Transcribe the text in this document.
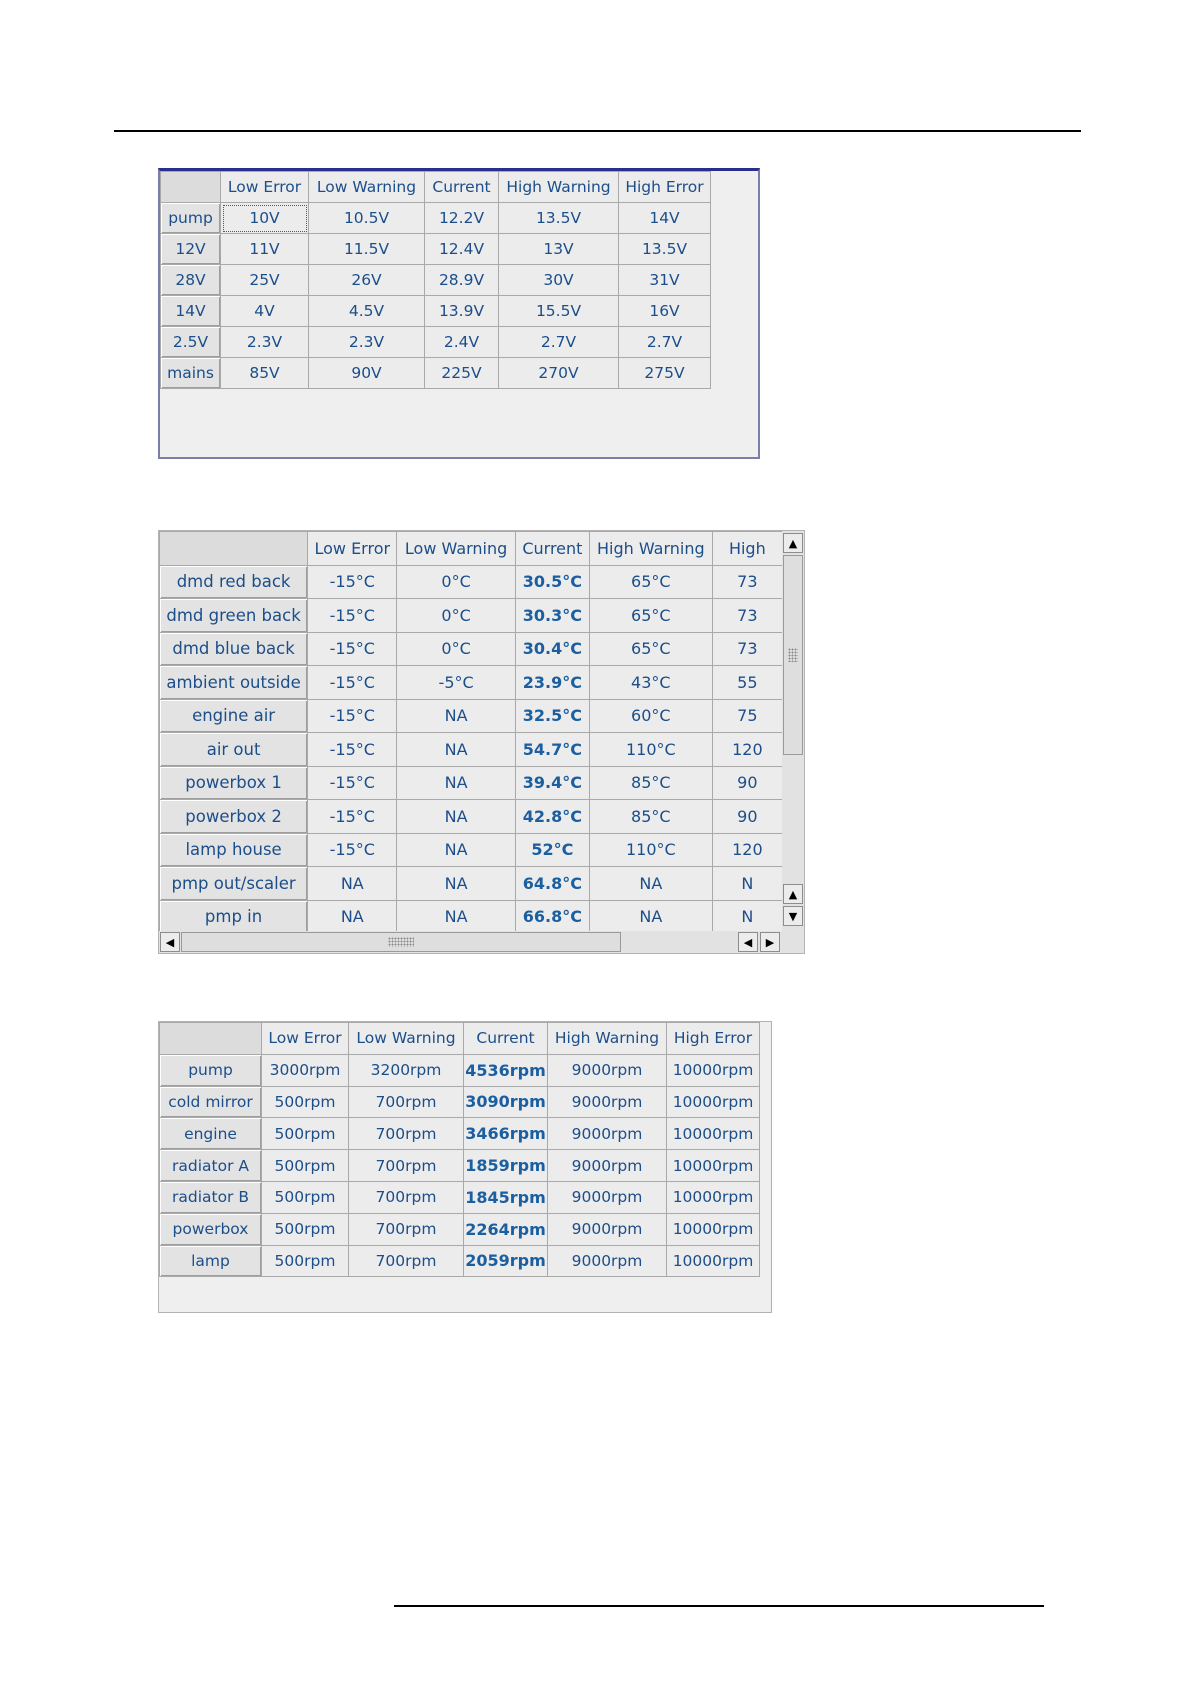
	Low Error	Low Warning	Current	High Warning	High Error
pump	10V	10.5V	12.2V	13.5V	14V
12V	11V	11.5V	12.4V	13V	13.5V
28V	25V	26V	28.9V	30V	31V
14V	4V	4.5V	13.9V	15.5V	16V
2.5V	2.3V	2.3V	2.4V	2.7V	2.7V
mains	85V	90V	225V	270V	275V
	Low Error	Low Warning	Current	High Warning	High
dmd red back	-15°C	0°C	30.5°C	65°C	73
dmd green back	-15°C	0°C	30.3°C	65°C	73
dmd blue back	-15°C	0°C	30.4°C	65°C	73
ambient outside	-15°C	-5°C	23.9°C	43°C	55
engine air	-15°C	NA	32.5°C	60°C	75
air out	-15°C	NA	54.7°C	110°C	120
powerbox 1	-15°C	NA	39.4°C	85°C	90
powerbox 2	-15°C	NA	42.8°C	85°C	90
lamp house	-15°C	NA	52°C	110°C	120
pmp out/scaler	NA	NA	64.8°C	NA	N
pmp in	NA	NA	66.8°C	NA	N
▲
▲
▼
◀	◀ ▶
	Low Error	Low Warning	Current	High Warning	High Error
pump	3000rpm	3200rpm	4536rpm	9000rpm	10000rpm
cold mirror	500rpm	700rpm	3090rpm	9000rpm	10000rpm
engine	500rpm	700rpm	3466rpm	9000rpm	10000rpm
radiator A	500rpm	700rpm	1859rpm	9000rpm	10000rpm
radiator B	500rpm	700rpm	1845rpm	9000rpm	10000rpm
powerbox	500rpm	700rpm	2264rpm	9000rpm	10000rpm
lamp	500rpm	700rpm	2059rpm	9000rpm	10000rpm
